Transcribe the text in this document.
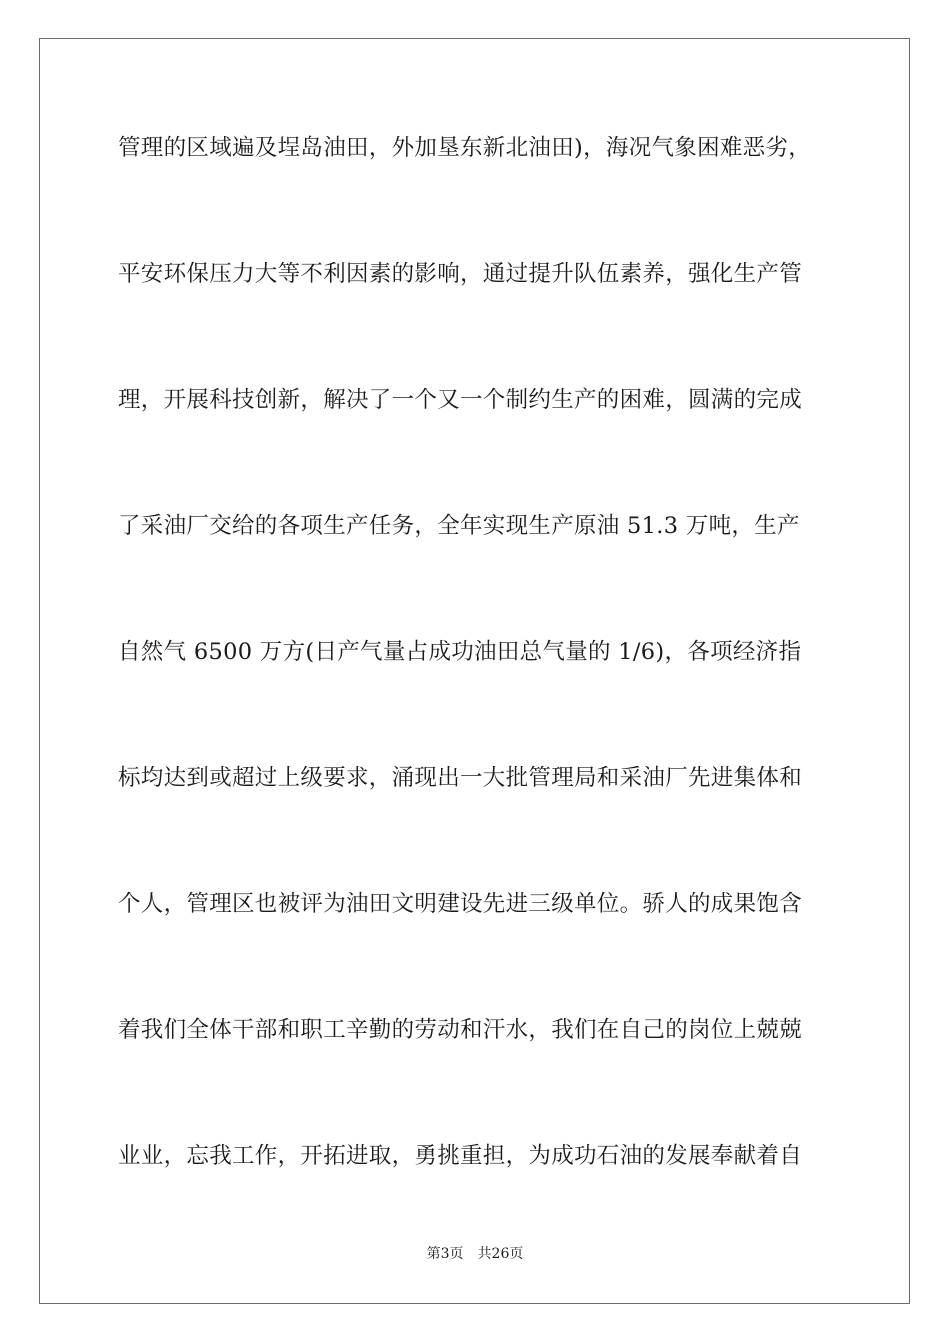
管理的区域遍及埕岛油田，外加垦东新北油田)，海况气象困难恶劣，
平安环保压力大等不利因素的影响，通过提升队伍素养，强化生产管
理，开展科技创新，解决了一个又一个制约生产的困难，圆满的完成
了采油厂交给的各项生产任务，全年实现生产原油 51.3 万吨，生产
自然气 6500 万方(日产气量占成功油田总气量的 1/6)，各项经济指
标均达到或超过上级要求，涌现出一大批管理局和采油厂先进集体和
个人，管理区也被评为油田文明建设先进三级单位。骄人的成果饱含
着我们全体干部和职工辛勤的劳动和汗水，我们在自己的岗位上兢兢
业业，忘我工作，开拓进取，勇挑重担，为成功石油的发展奉献着自
第3页 共26页
